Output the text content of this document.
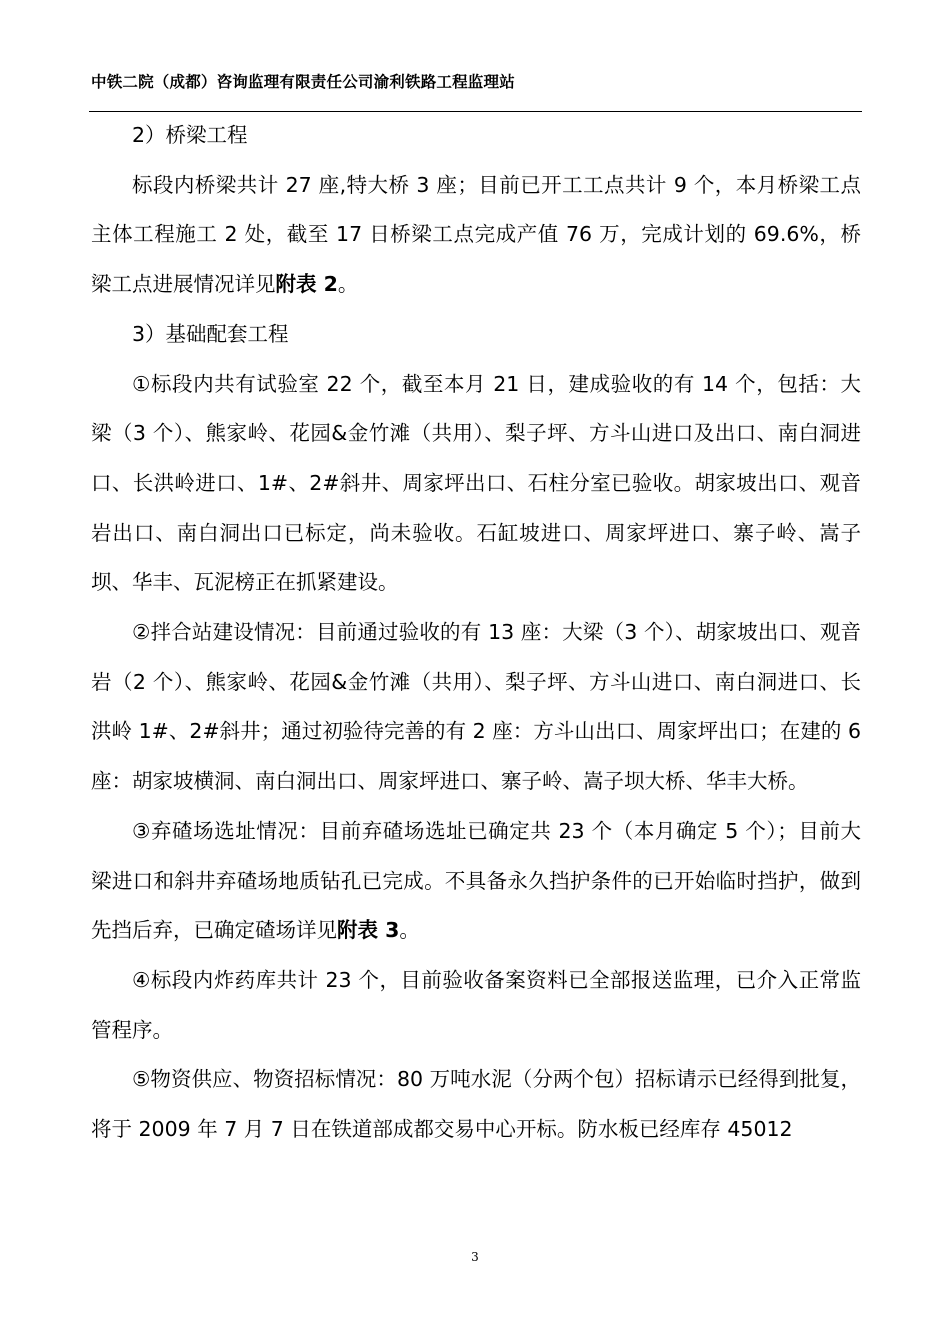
中铁二院（成都）咨询监理有限责任公司渝利铁路工程监理站

2）桥梁工程

标段内桥梁共计 27 座,特大桥 3 座；目前已开工工点共计 9 个，本月桥梁工点主体工程施工 2 处，截至 17 日桥梁工点完成产值 76 万，完成计划的 69.6%，桥梁工点进展情况详见附表 2。

3）基础配套工程

①标段内共有试验室 22 个，截至本月 21 日，建成验收的有 14 个，包括：大梁（3 个）、熊家岭、花园&金竹滩（共用）、梨子坪、方斗山进口及出口、南白洞进口、长洪岭进口、1#、2#斜井、周家坪出口、石柱分室已验收。胡家坡出口、观音岩出口、南白洞出口已标定，尚未验收。石缸坡进口、周家坪进口、寨子岭、嵩子坝、华丰、瓦泥榜正在抓紧建设。

②拌合站建设情况：目前通过验收的有 13 座：大梁（3 个）、胡家坡出口、观音岩（2 个）、熊家岭、花园&金竹滩（共用）、梨子坪、方斗山进口、南白洞进口、长洪岭 1#、2#斜井；通过初验待完善的有 2 座：方斗山出口、周家坪出口；在建的 6 座：胡家坡横洞、南白洞出口、周家坪进口、寨子岭、嵩子坝大桥、华丰大桥。

③弃碴场选址情况：目前弃碴场选址已确定共 23 个（本月确定 5 个）；目前大梁进口和斜井弃碴场地质钻孔已完成。不具备永久挡护条件的已开始临时挡护，做到先挡后弃，已确定碴场详见附表 3。

④标段内炸药库共计 23 个，目前验收备案资料已全部报送监理，已介入正常监管程序。

⑤物资供应、物资招标情况：80 万吨水泥（分两个包）招标请示已经得到批复，将于 2009 年 7 月 7 日在铁道部成都交易中心开标。防水板已经库存 45012

3
